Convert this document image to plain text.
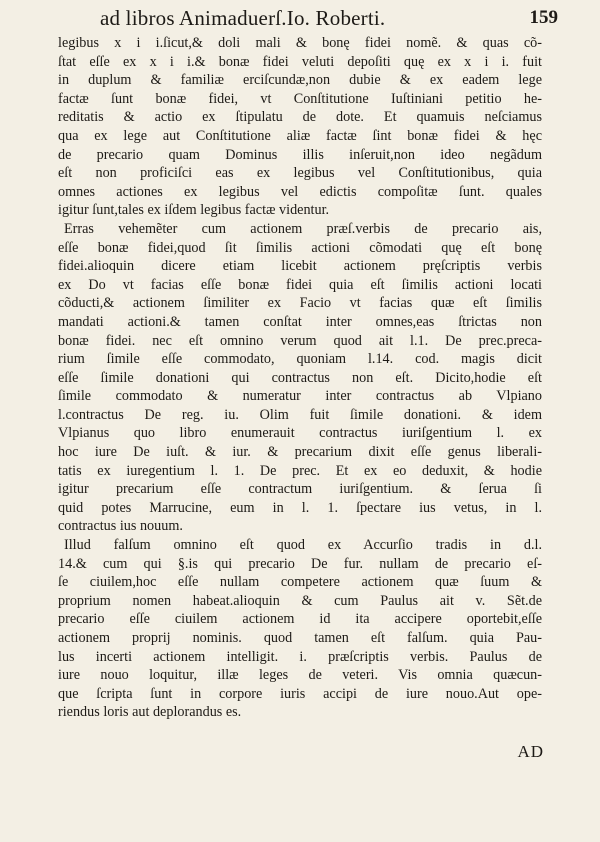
ad libros Animaduerſ.Io. Roberti.	159
legibus x i i.ſicut,& doli mali & bonę fidei nomẽ. & quas cõ-
ſtat eſſe ex x i i.& bonæ fidei veluti depoſiti quę ex x i i. fuit
in duplum & familiæ erciſcundæ,non dubie & ex eadem lege
factæ ſunt bonæ fidei, vt Conſtitutione Iuſtiniani petitio he-
reditatis & actio ex ſtipulatu de dote. Et quamuis neſciamus
qua ex lege aut Conſtitutione aliæ factæ ſint bonæ fidei & hęc
de precario quam Dominus illis inſeruit,non ideo negãdum
eſt non proficiſci eas ex legibus vel Conſtitutionibus, quia
omnes actiones ex legibus vel edictis compoſitæ ſunt. quales
igitur ſunt,tales ex iſdem legibus factæ videntur.
Erras vehemẽter cum actionem præſ.verbis de precario ais,
eſſe bonæ fidei,quod ſit ſimilis actioni cõmodati quę eſt bonę
fidei.alioquin dicere etiam licebit actionem pręſcriptis verbis
ex Do vt facias eſſe bonæ fidei quia eſt ſimilis actioni locati
cõducti,& actionem ſimiliter ex Facio vt facias quæ eſt ſimilis
mandati actioni.& tamen conſtat inter omnes,eas ſtrictas non
bonæ fidei. nec eſt omnino verum quod ait l.1. De prec.preca-
rium ſimile eſſe commodato, quoniam l.14. cod. magis dicit
eſſe ſimile donationi qui contractus non eſt. Dicito,hodie eſt
ſimile commodato & numeratur inter contractus ab Vlpiano
l.contractus De reg. iu. Olim fuit ſimile donationi. & idem
Vlpianus quo libro enumerauit contractus iuriſgentium l. ex
hoc iure De iuſt. & iur. & precarium dixit eſſe genus liberali-
tatis ex iuregentium l. 1. De prec. Et ex eo deduxit, & hodie
igitur precarium eſſe contractum iuriſgentium. & ſerua ſi
quid potes Marrucine, eum in l. 1. ſpectare ius vetus, in l.
contractus ius nouum.
Illud falſum omnino eſt quod ex Accurſio tradis in d.l.
14.& cum qui §.is qui precario De fur. nullam de precario eſ-
ſe ciuilem,hoc eſſe nullam competere actionem quæ ſuum &
proprium nomen habeat.alioquin & cum Paulus ait v. Sẽt.de
precario eſſe ciuilem actionem id ita accipere oportebit,eſſe
actionem proprij nominis. quod tamen eſt falſum. quia Pau-
lus incerti actionem intelligit. i. præſcriptis verbis. Paulus de
iure nouo loquitur, illæ leges de veteri. Vis omnia quæcun-
que ſcripta ſunt in corpore iuris accipi de iure nouo.Aut ope-
riendus loris aut deplorandus es.
AD
